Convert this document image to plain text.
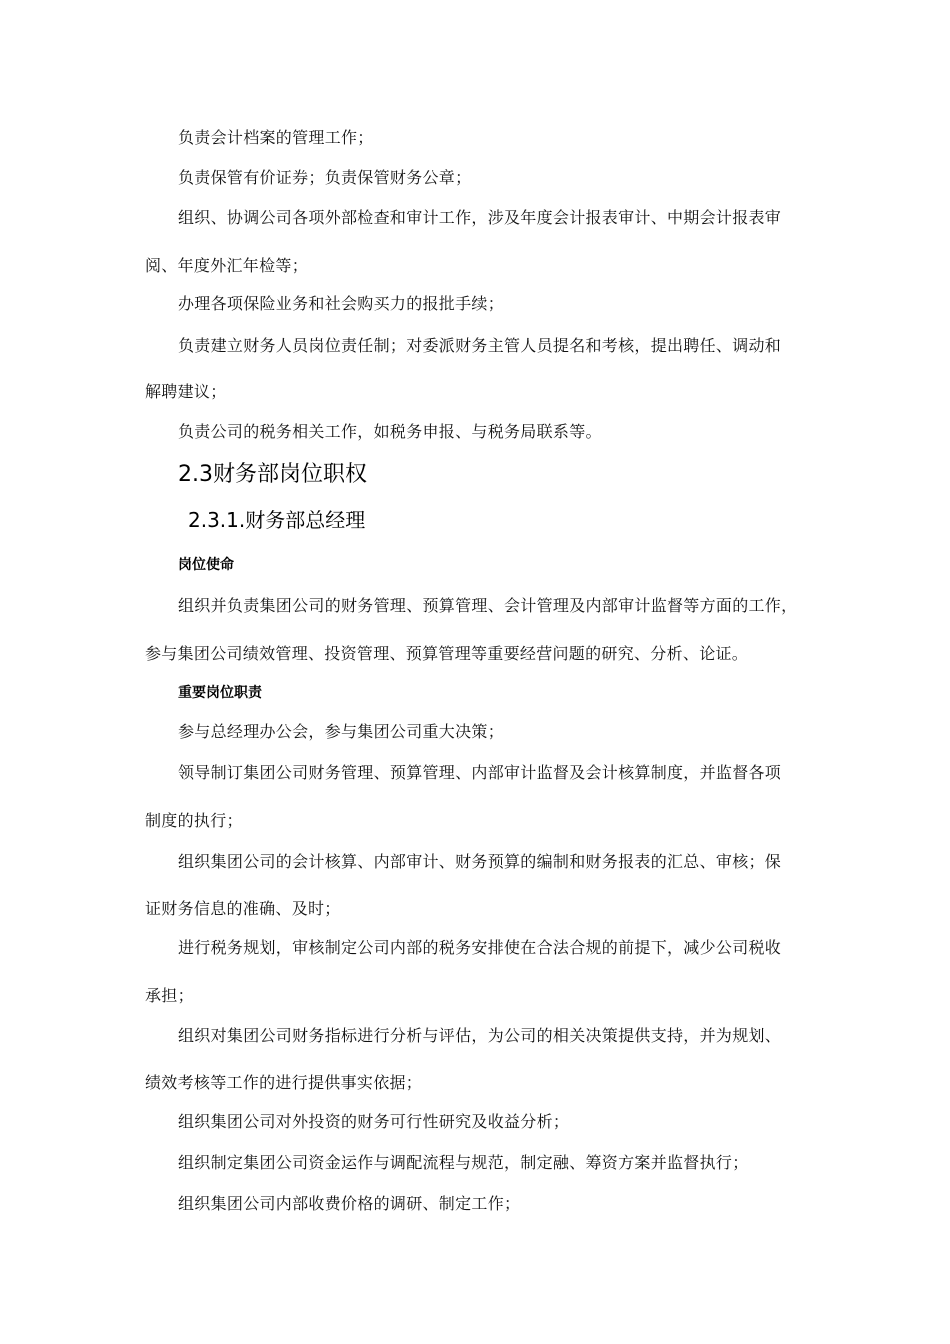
负责会计档案的管理工作；
负责保管有价证券；负责保管财务公章；
组织、协调公司各项外部检查和审计工作，涉及年度会计报表审计、中期会计报表审
阅、年度外汇年检等；
办理各项保险业务和社会购买力的报批手续；
负责建立财务人员岗位责任制；对委派财务主管人员提名和考核，提出聘任、调动和
解聘建议；
负责公司的税务相关工作，如税务申报、与税务局联系等。
2.3财务部岗位职权
2.3.1.财务部总经理
岗位使命
组织并负责集团公司的财务管理、预算管理、会计管理及内部审计监督等方面的工作，
参与集团公司绩效管理、投资管理、预算管理等重要经营问题的研究、分析、论证。
重要岗位职责
参与总经理办公会，参与集团公司重大决策；
领导制订集团公司财务管理、预算管理、内部审计监督及会计核算制度，并监督各项
制度的执行；
组织集团公司的会计核算、内部审计、财务预算的编制和财务报表的汇总、审核；保
证财务信息的准确、及时；
进行税务规划，审核制定公司内部的税务安排使在合法合规的前提下，减少公司税收
承担；
组织对集团公司财务指标进行分析与评估，为公司的相关决策提供支持，并为规划、
绩效考核等工作的进行提供事实依据；
组织集团公司对外投资的财务可行性研究及收益分析；
组织制定集团公司资金运作与调配流程与规范，制定融、筹资方案并监督执行；
组织集团公司内部收费价格的调研、制定工作；
